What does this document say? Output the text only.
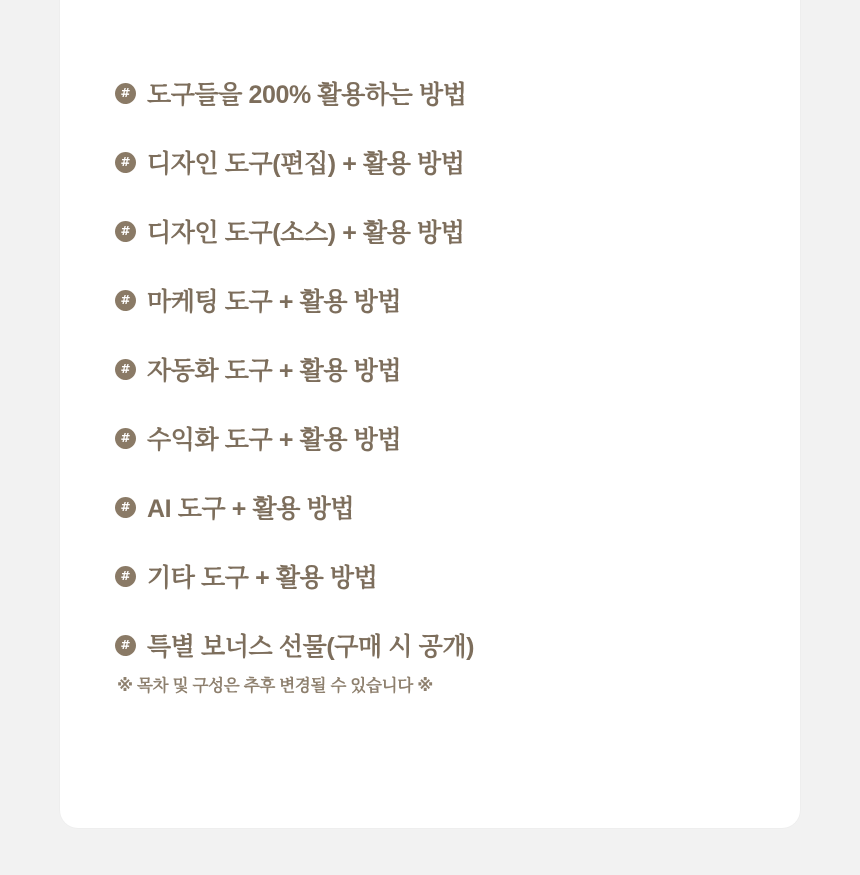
# 도구들을 200% 활용하는 방법
# 디자인 도구(편집) + 활용 방법
# 디자인 도구(소스) + 활용 방법
# 마케팅 도구 + 활용 방법
# 자동화 도구 + 활용 방법
# 수익화 도구 + 활용 방법
# AI 도구 + 활용 방법
# 기타 도구 + 활용 방법
# 특별 보너스 선물(구매 시 공개)
※ 목차 및 구성은 추후 변경될 수 있습니다 ※
